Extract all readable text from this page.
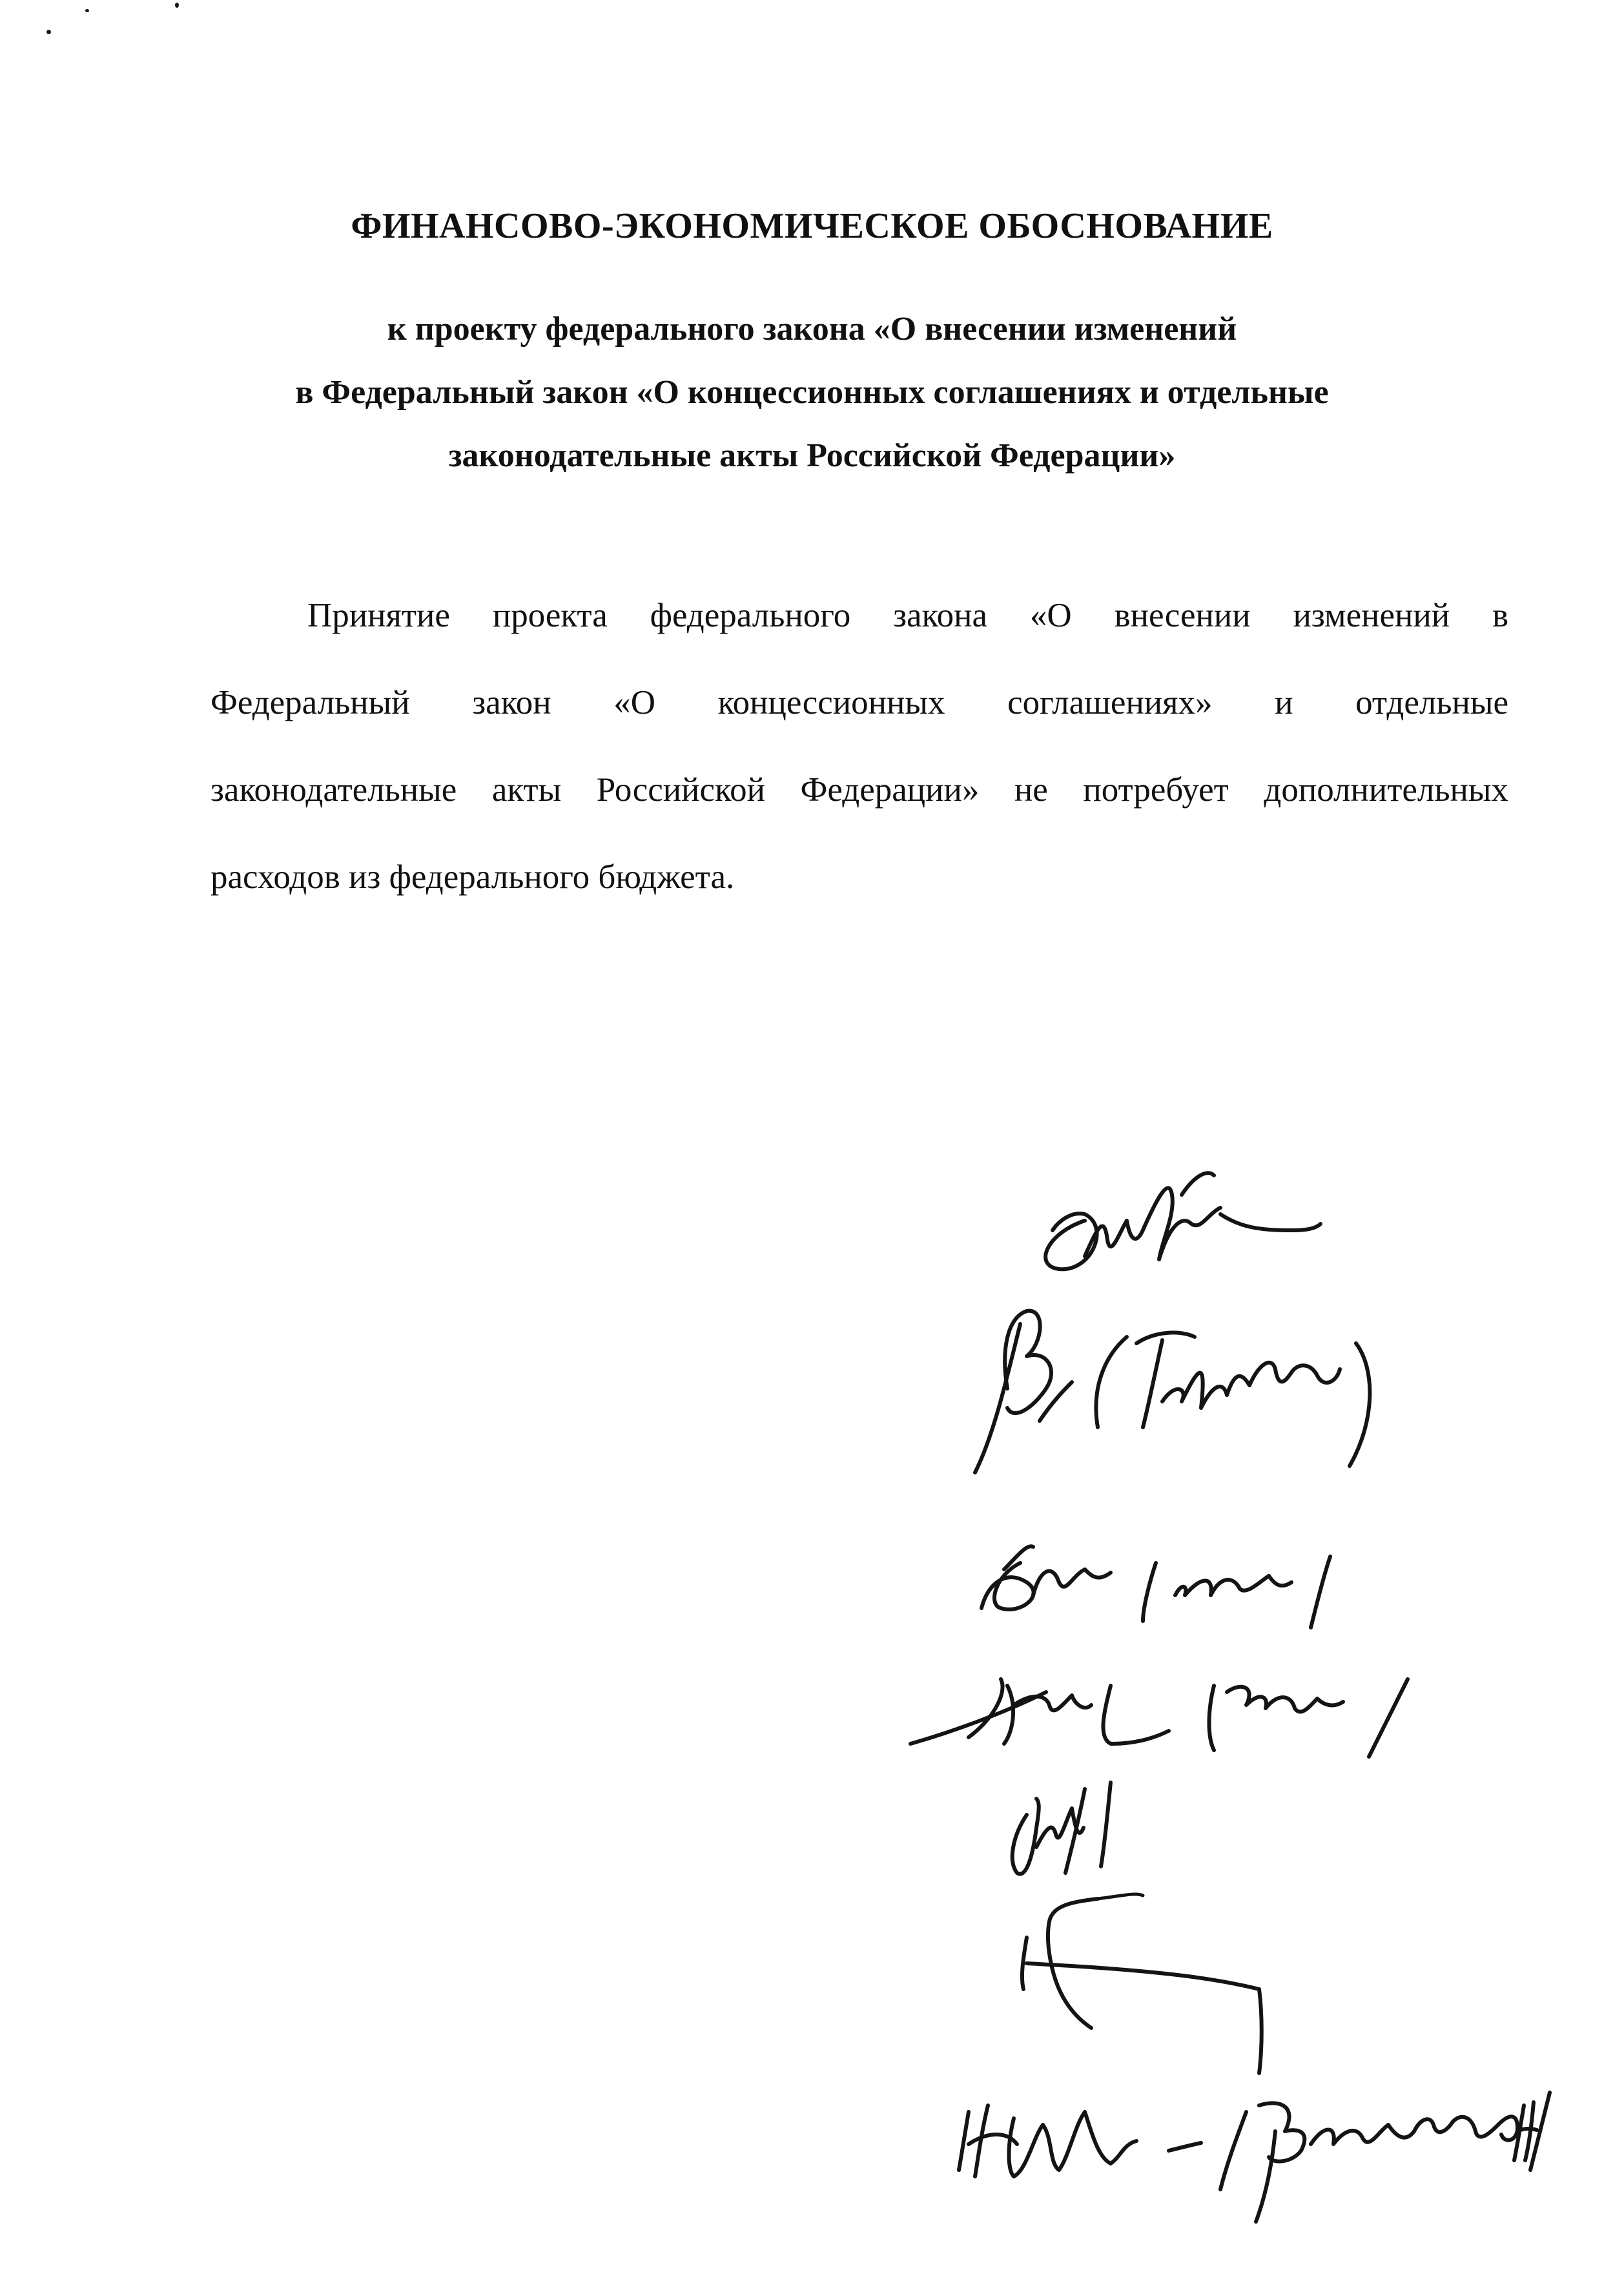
ФИНАНСОВО-ЭКОНОМИЧЕСКОЕ ОБОСНОВАНИЕ
к проекту федерального закона «О внесении изменений
в Федеральный закон «О концессионных соглашениях и отдельные
законодательные акты Российской Федерации»
Принятие проекта федерального закона «О внесении изменений в
Федеральный закон «О концессионных соглашениях» и отдельные
законодательные акты Российской Федерации» не потребует дополнительных
расходов из федерального бюджета.
